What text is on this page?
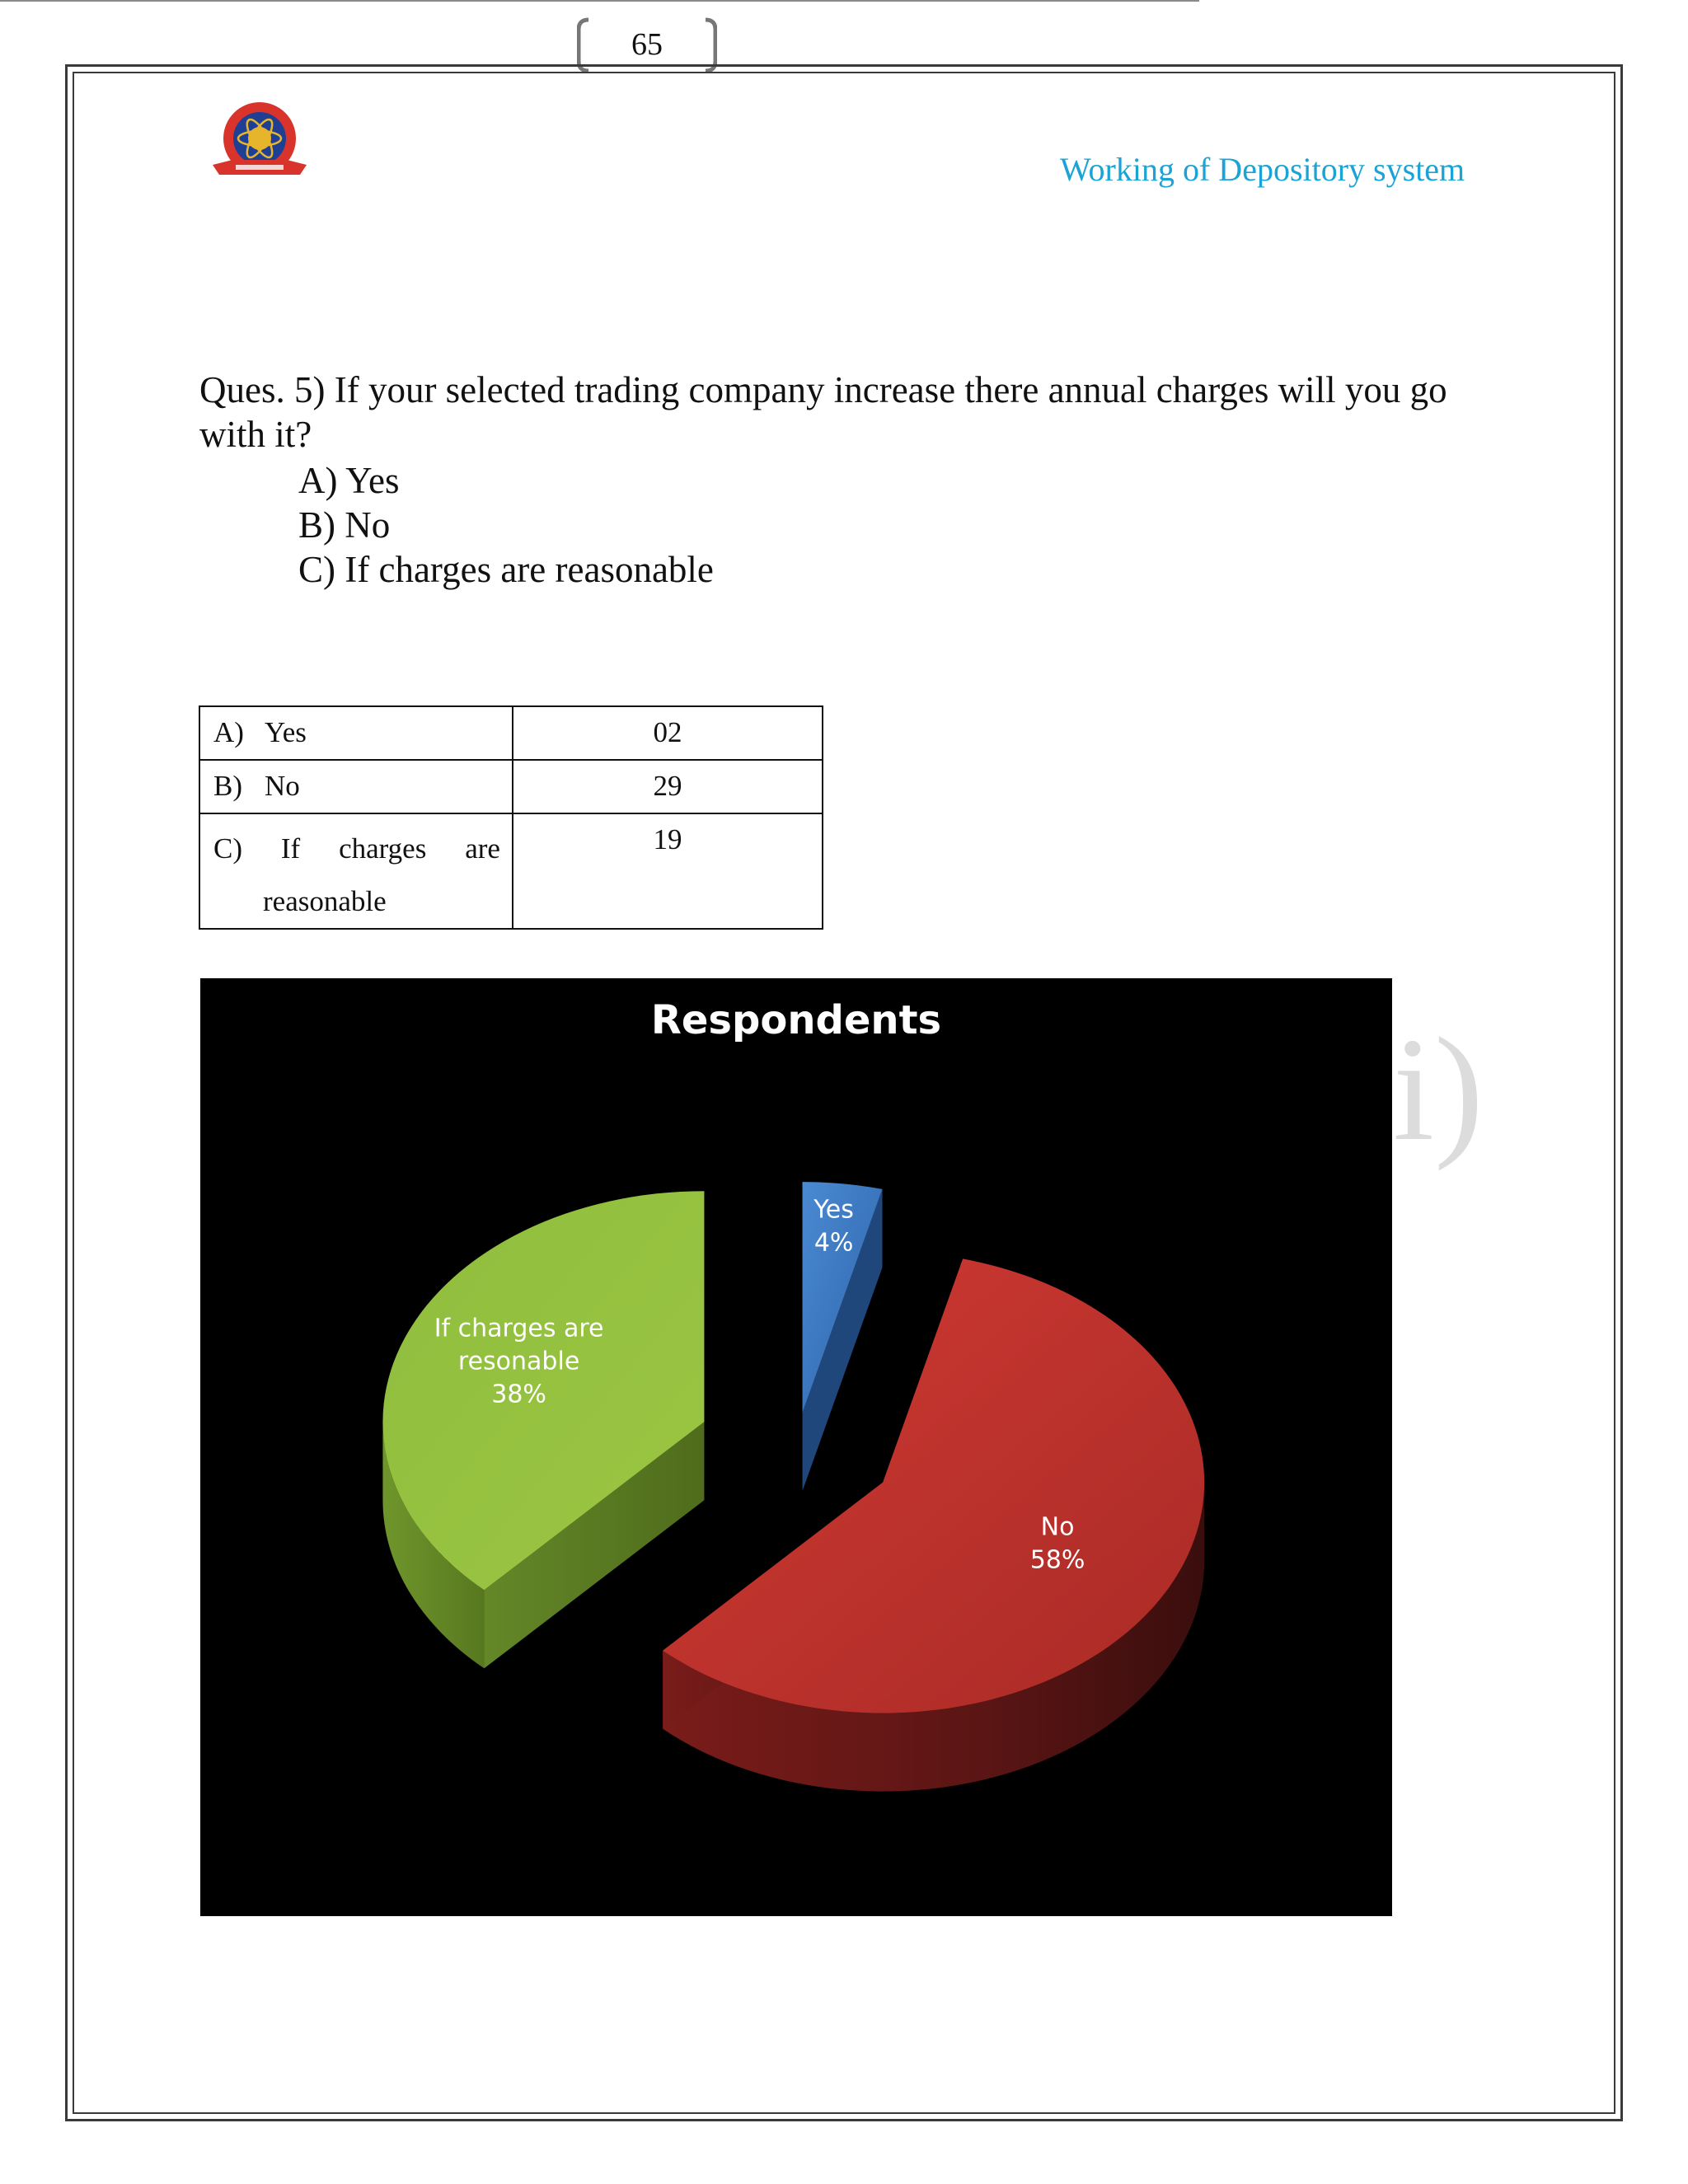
65
Working of Depository system
Ques. 5) If your selected trading company increase there annual charges will you go with it?
A) Yes
B) No
C) If charges are reasonable
A) Yes	02

B) No	29

C) If charges are
reasonable	19
i)
Respondents
Yes 4%
If charges are resonable 38%
No 58%
